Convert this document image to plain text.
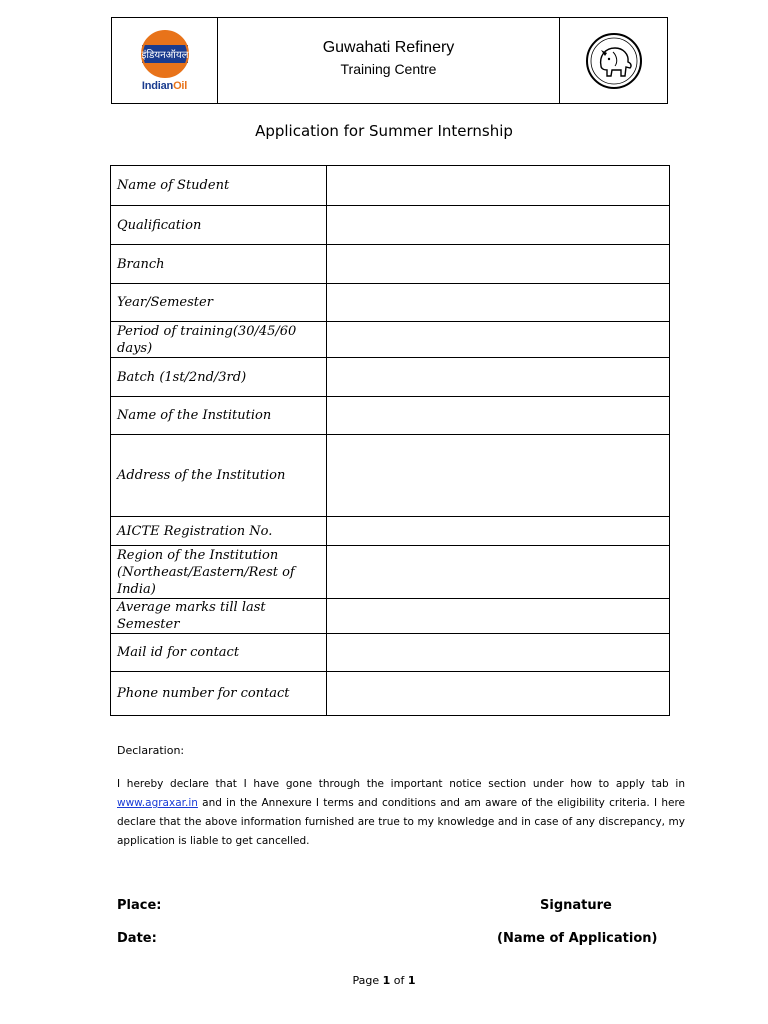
इंडियनऑयल
IndianOil
Guwahati Refinery
Training Centre
Application for Summer Internship
Name of Student	

Qualification	

Branch	

Year/Semester	

Period of training(30/45/60 days)	

Batch (1st/2nd/3rd)	

Name of the Institution	

Address of the Institution	

AICTE Registration No.	

Region of the Institution (Northeast/Eastern/Rest of India)	

Average marks till last Semester	

Mail id for contact	

Phone number for contact	
Declaration:

I hereby declare that I have gone through the important notice section under how to apply tab in www.agraxar.in and in the Annexure I terms and conditions and am aware of the eligibility criteria. I here declare that the above information furnished are true to my knowledge and in case of any discrepancy, my application is liable to get cancelled.

Place:
Date:
Signature
(Name of Application)
Page 1 of 1
